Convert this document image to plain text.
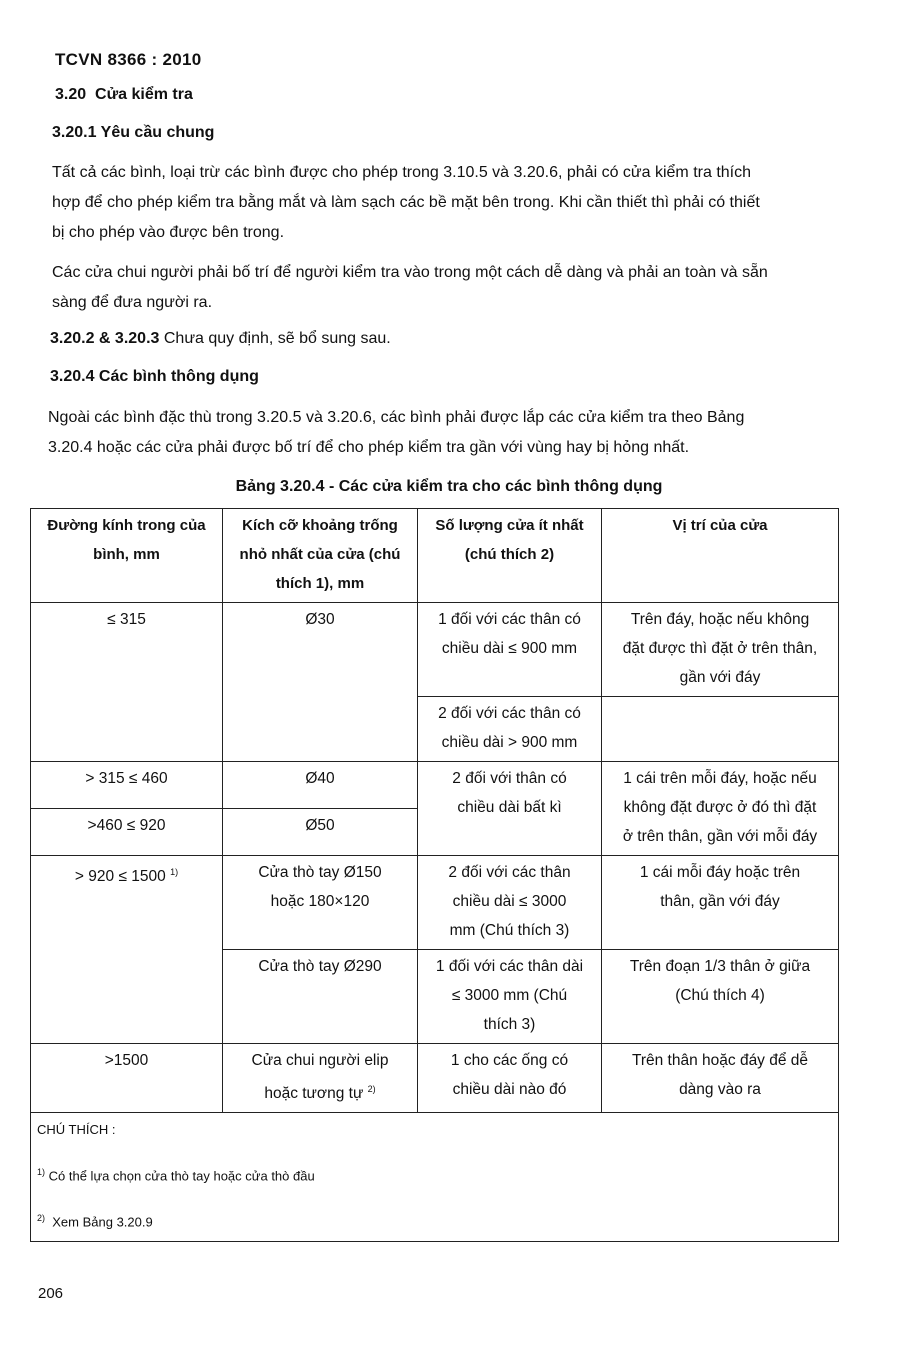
TCVN 8366 : 2010
3.20 Cửa kiểm tra
3.20.1 Yêu cầu chung
Tất cả các bình, loại trừ các bình được cho phép trong 3.10.5 và 3.20.6, phải có cửa kiểm tra thích
hợp để cho phép kiểm tra bằng mắt và làm sạch các bề mặt bên trong. Khi cần thiết thì phải có thiết
bị cho phép vào được bên trong.
Các cửa chui người phải bố trí để người kiểm tra vào trong một cách dễ dàng và phải an toàn và sẵn
sàng để đưa người ra.
3.20.2 & 3.20.3 Chưa quy định, sẽ bổ sung sau.
3.20.4 Các bình thông dụng
Ngoài các bình đặc thù trong 3.20.5 và 3.20.6, các bình phải được lắp các cửa kiểm tra theo Bảng
3.20.4 hoặc các cửa phải được bố trí để cho phép kiểm tra gần với vùng hay bị hỏng nhất.
Bảng 3.20.4 - Các cửa kiểm tra cho các bình thông dụng
Đường kính trong của
bình, mm	Kích cỡ khoảng trống
nhỏ nhất của cửa (chú
thích 1), mm	Số lượng cửa ít nhất
(chú thích 2)	Vị trí của cửa

≤ 315	Ø30	1 đối với các thân có
chiều dài ≤ 900 mm	Trên đáy, hoặc nếu không
đặt được thì đặt ở trên thân,
gần với đáy

		2 đối với các thân có
chiều dài > 900 mm	

> 315 ≤ 460	Ø40	2 đối với thân có
chiều dài bất kì	1 cái trên mỗi đáy, hoặc nếu
không đặt được ở đó thì đặt
ở trên thân, gần với mỗi đáy

>460 ≤ 920	Ø50		
> 920 ≤ 1500 $^{1)}$	Cửa thò tay Ø150
hoặc 180×120	2 đối với các thân
chiều dài ≤ 3000
mm (Chú thích 3)	1 cái mỗi đáy hoặc trên
thân, gần với đáy

	Cửa thò tay Ø290	1 đối với các thân dài
≤ 3000 mm (Chú
thích 3)	Trên đoạn 1/3 thân ở giữa
(Chú thích 4)

>1500	Cửa chui người elip
hoặc tương tự $^{2)}$	1 cho các ống có
chiều dài nào đó	Trên thân hoặc đáy để dễ
dàng vào ra

CHÚ THÍCH :
$^{1)}$ Có thể lựa chọn cửa thò tay hoặc cửa thò đầu
$^{2)}$ Xem Bảng 3.20.9			
206
